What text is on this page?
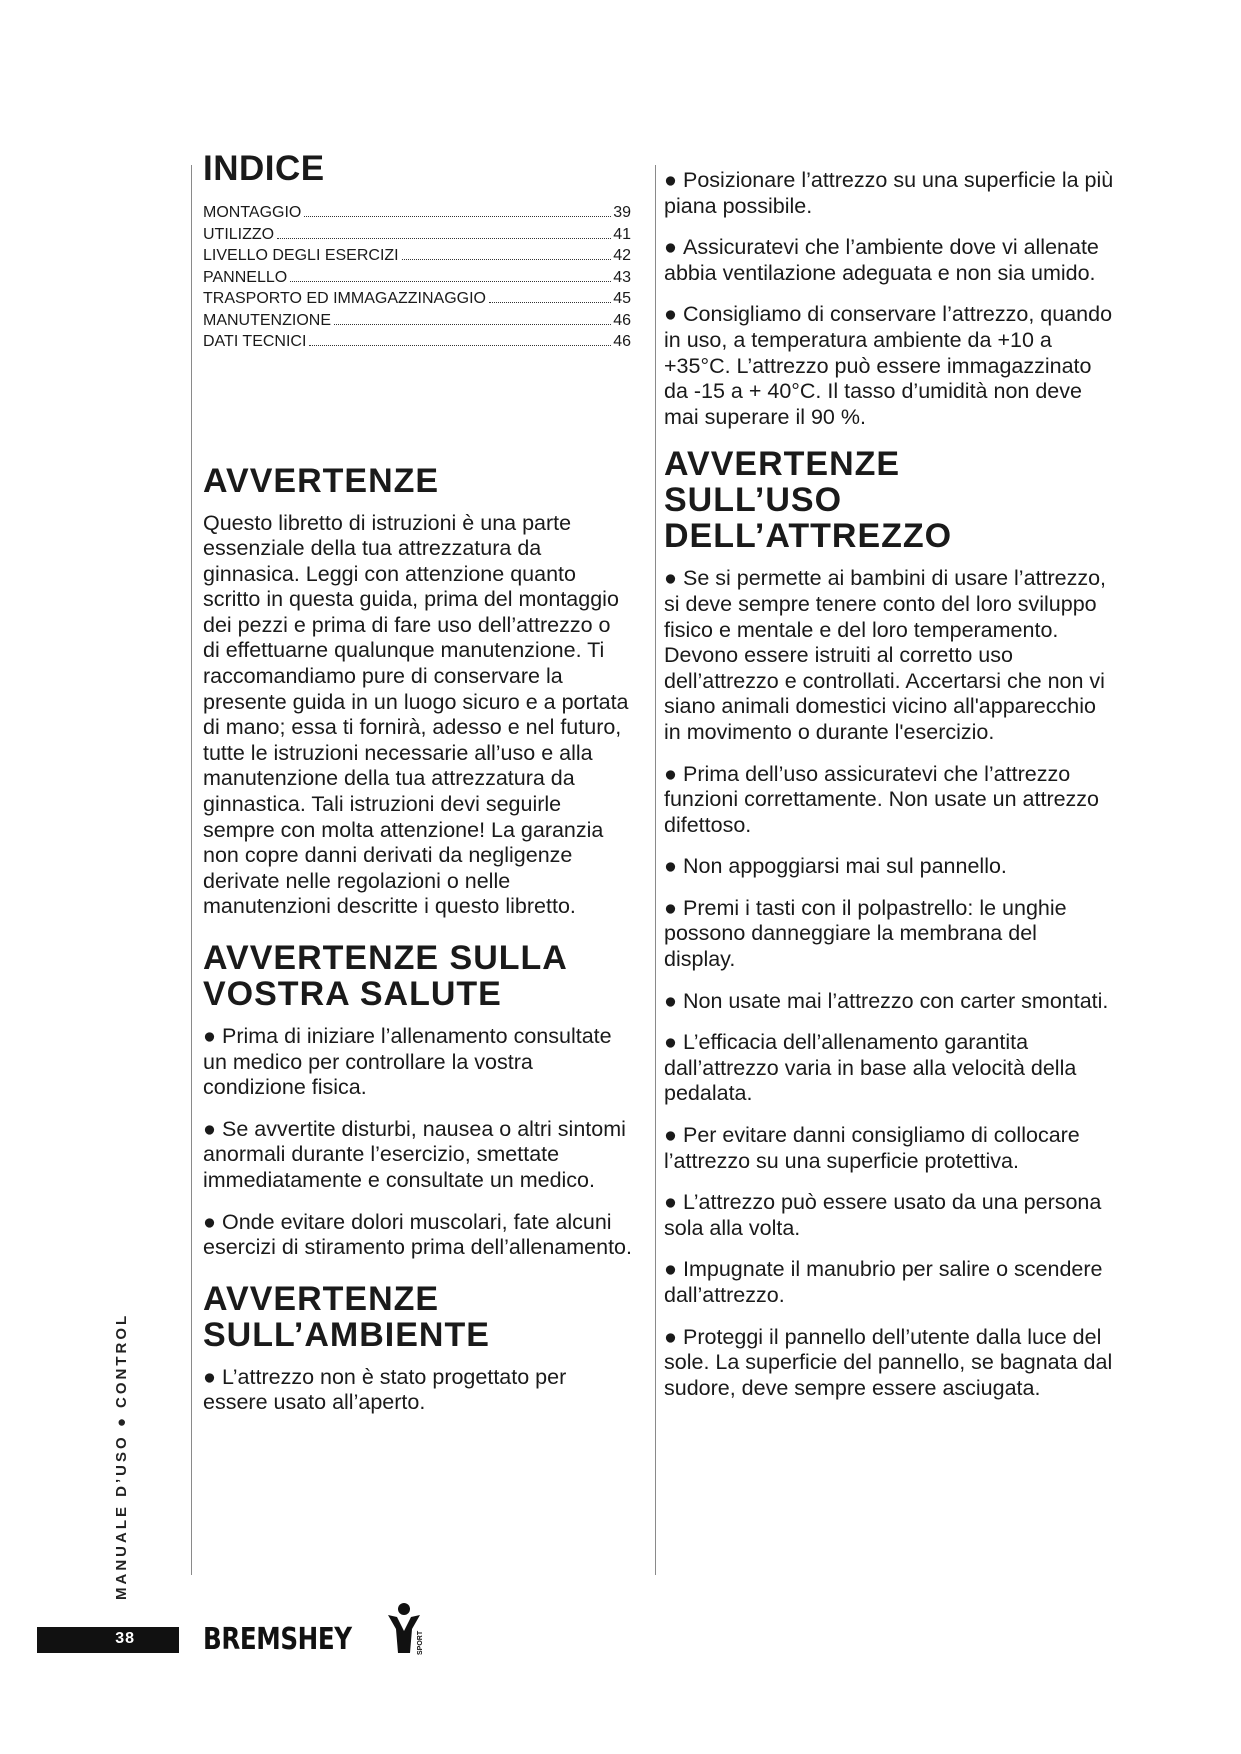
INDICE
MONTAGGIO	39
UTILIZZO	41
LIVELLO DEGLI ESERCIZI	42
PANNELLO	43
TRASPORTO ED IMMAGAZZINAGGIO	45
MANUTENZIONE	46
DATI TECNICI	46
AVVERTENZE

Questo libretto di istruzioni è una parte essenziale della tua attrezzatura da ginnasica. Leggi con attenzione quanto scritto in questa guida, prima del montaggio dei pezzi e prima di fare uso dell’attrezzo o di effettuarne qualunque manutenzione. Ti raccomandiamo pure di conservare la presente guida in un luogo sicuro e a portata di mano; essa ti fornirà, adesso e nel futuro, tutte le istruzioni necessarie all’uso e alla manutenzione della tua attrezzatura da ginnastica. Tali istruzioni devi seguirle sempre con molta attenzione! La garanzia non copre danni derivati da negligenze derivate nelle regolazioni o nelle manutenzioni descritte i questo libretto.

AVVERTENZE SULLA
VOSTRA SALUTE

● Prima di iniziare l’allenamento consultate un medico per controllare la vostra condizione fisica.

● Se avvertite disturbi, nausea o altri sintomi anormali durante l’esercizio, smettate immediatamente e consultate un medico.

● Onde evitare dolori muscolari, fate alcuni esercizi di stiramento prima dell’allenamento.

AVVERTENZE
SULL’AMBIENTE

● L’attrezzo non è stato progettato per essere usato all’aperto.

● Posizionare l’attrezzo su una superficie la più piana possibile.

● Assicuratevi che l’ambiente dove vi allenate abbia ventilazione adeguata e non sia umido.

● Consigliamo di conservare l’attrezzo, quando in uso, a temperatura ambiente da +10 a +35°C. L’attrezzo può essere immagazzinato da -15 a + 40°C. Il tasso d’umidità non deve mai superare il 90 %.

AVVERTENZE
SULL’USO
DELL’ATTREZZO

● Se si permette ai bambini di usare l’attrezzo, si deve sempre tenere conto del loro sviluppo fisico e mentale e del loro temperamento. Devono essere istruiti al corretto uso dell’attrezzo e controllati. Accertarsi che non vi siano animali domestici vicino all'apparecchio in movimento o durante l'esercizio.

● Prima dell’uso assicuratevi che l’attrezzo funzioni correttamente. Non usate un attrezzo difettoso.

● Non appoggiarsi mai sul pannello.

● Premi i tasti con il polpastrello: le unghie possono danneggiare la membrana del display.

● Non usate mai l’attrezzo con carter smontati.

● L’efficacia dell’allenamento garantita dall’attrezzo varia in base alla velocità della pedalata.

● Per evitare danni consigliamo di collocare l’attrezzo su una superficie protettiva.

● L’attrezzo può essere usato da una persona sola alla volta.

● Impugnate il manubrio per salire o scendere dall’attrezzo.

● Proteggi il pannello dell’utente dalla luce del sole. La superficie del pannello, se bagnata dal sudore, deve sempre essere asciugata.

MANUALE D’USO ● CONTROL
38 BREMSHEY	SPORT
